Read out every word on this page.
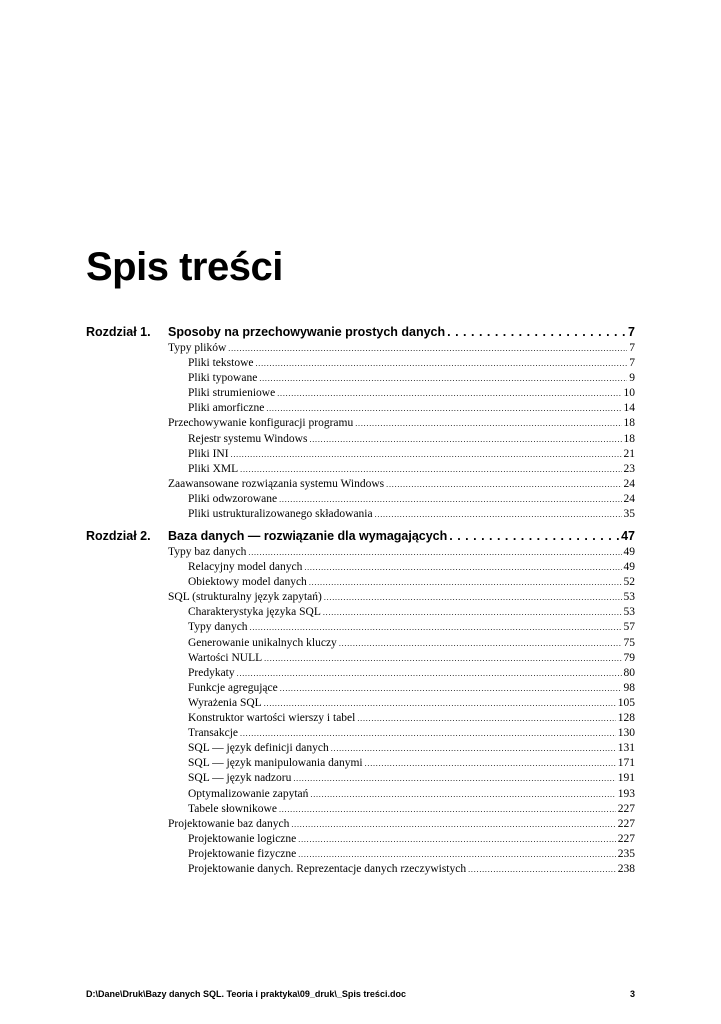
Spis treści
Rozdział 1.	Sposoby na przechowywanie prostych danych . . .	7
Typy plików . . .	7
Pliki tekstowe . . .	7
Pliki typowane . . .	9
Pliki strumieniowe . . .	10
Pliki amorficzne . . .	14
Przechowywanie konfiguracji programu . . .	18
Rejestr systemu Windows . . .	18
Pliki INI . . .	21
Pliki XML . . .	23
Zaawansowane rozwiązania systemu Windows . . .	24
Pliki odwzorowane . . .	24
Pliki ustrukturalizowanego składowania . . .	35
Rozdział 2.	Baza danych — rozwiązanie dla wymagających . . .	47
Typy baz danych . . .	49
Relacyjny model danych . . .	49
Obiektowy model danych . . .	52
SQL (strukturalny język zapytań) . . .	53
Charakterystyka języka SQL . . .	53
Typy danych . . .	57
Generowanie unikalnych kluczy . . .	75
Wartości NULL . . .	79
Predykaty . . .	80
Funkcje agregujące . . .	98
Wyrażenia SQL . . .	105
Konstruktor wartości wierszy i tabel . . .	128
Transakcje . . .	130
SQL — język definicji danych . . .	131
SQL — język manipulowania danymi . . .	171
SQL — język nadzoru . . .	191
Optymalizowanie zapytań . . .	193
Tabele słownikowe . . .	227
Projektowanie baz danych . . .	227
Projektowanie logiczne . . .	227
Projektowanie fizyczne . . .	235
Projektowanie danych. Reprezentacje danych rzeczywistych . . .	238
D:\Dane\Druk\Bazy danych SQL. Teoria i praktyka\09_druk\_Spis treści.doc	3
